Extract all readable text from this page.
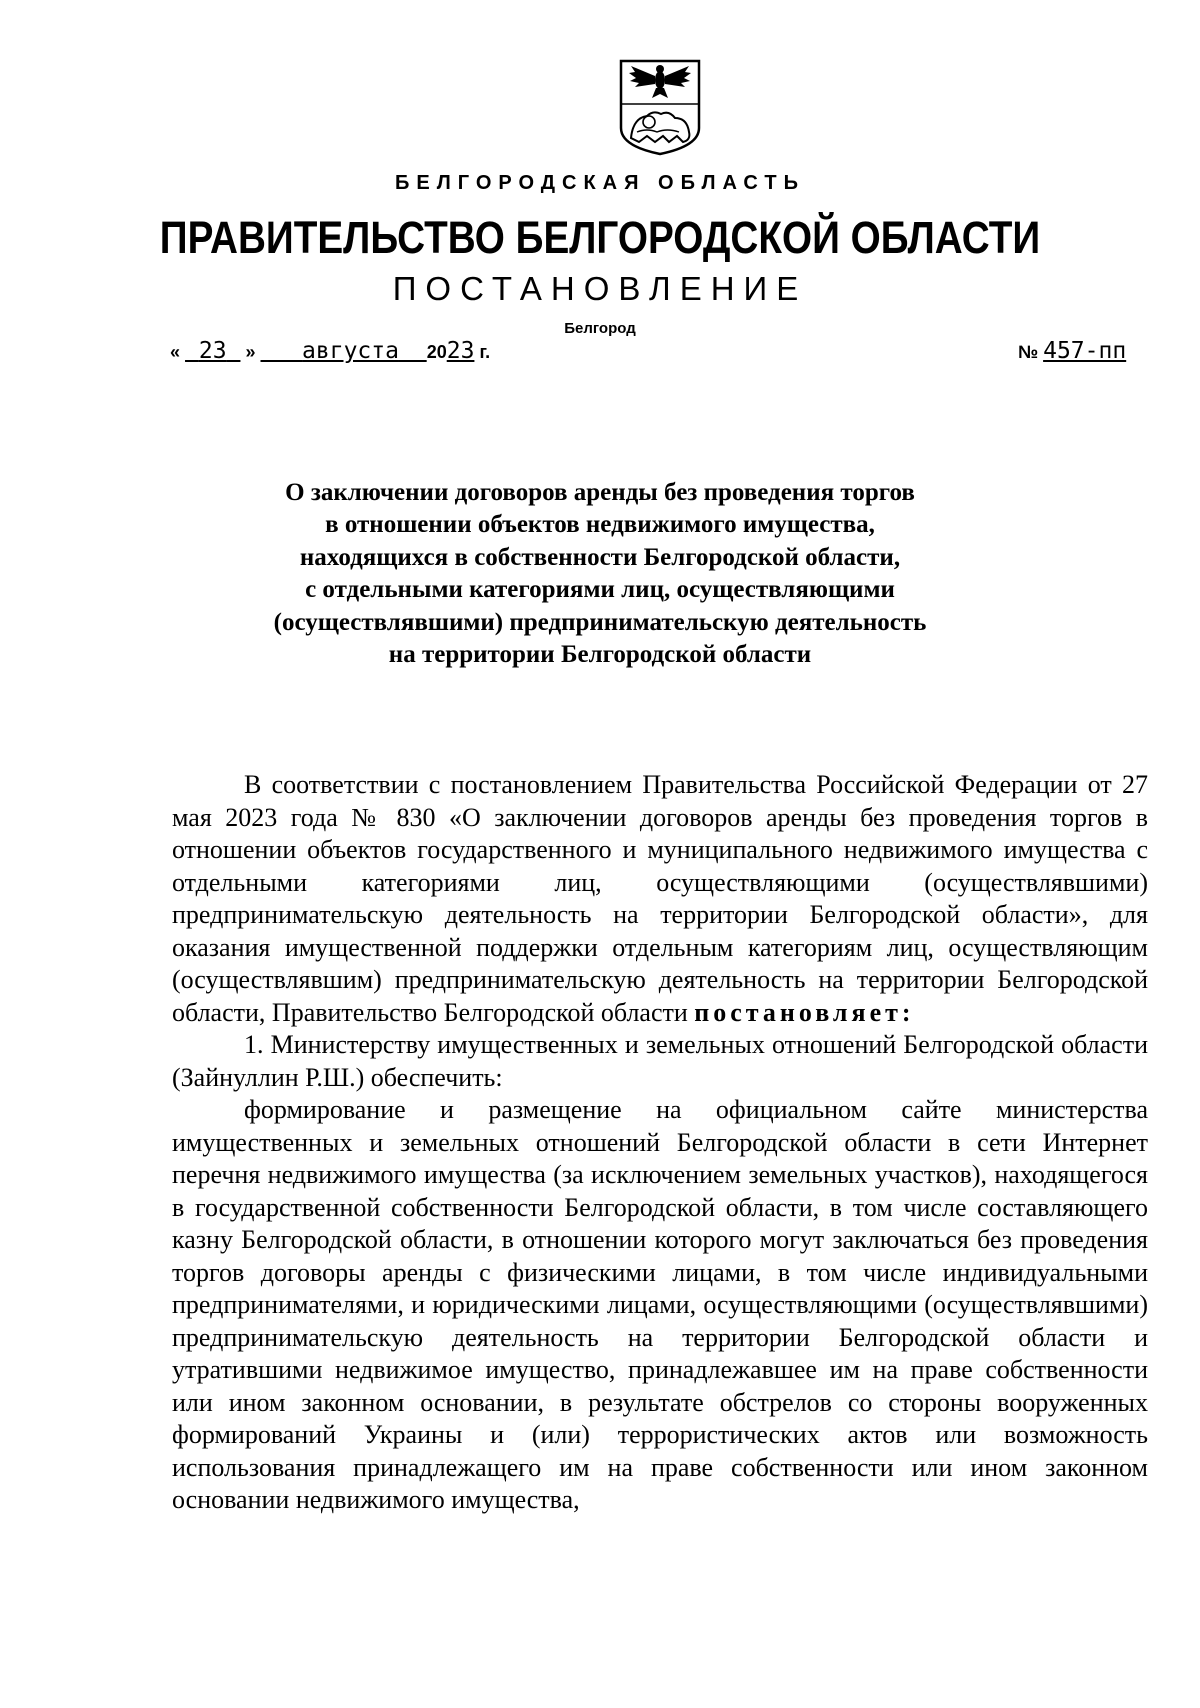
БЕЛГОРОДСКАЯ ОБЛАСТЬ
ПРАВИТЕЛЬСТВО БЕЛГОРОДСКОЙ ОБЛАСТИ
ПОСТАНОВЛЕНИЕ
Белгород
« 23 » августа 2023 г.	№ 457-пп
О заключении договоров аренды без проведения торгов
в отношении объектов недвижимого имущества,
находящихся в собственности Белгородской области,
с отдельными категориями лиц, осуществляющими
(осуществлявшими) предпринимательскую деятельность
на территории Белгородской области

В соответствии с постановлением Правительства Российской Федерации от 27 мая 2023 года № 830 «О заключении договоров аренды без проведения торгов в отношении объектов государственного и муниципального недвижимого имущества с отдельными категориями лиц, осуществляющими (осуществлявшими) предпринимательскую деятельность на территории Белгородской области», для оказания имущественной поддержки отдельным категориям лиц, осуществляющим (осуществлявшим) предпринимательскую деятельность на территории Белгородской области, Правительство Белгородской области постановляет:

1. Министерству имущественных и земельных отношений Белгородской области (Зайнуллин Р.Ш.) обеспечить:

формирование и размещение на официальном сайте министерства имущественных и земельных отношений Белгородской области в сети Интернет перечня недвижимого имущества (за исключением земельных участков), находящегося в государственной собственности Белгородской области, в том числе составляющего казну Белгородской области, в отношении которого могут заключаться без проведения торгов договоры аренды с физическими лицами, в том числе индивидуальными предпринимателями, и юридическими лицами, осуществляющими (осуществлявшими) предпринимательскую деятельность на территории Белгородской области и утратившими недвижимое имущество, принадлежавшее им на праве собственности или ином законном основании, в результате обстрелов со стороны вооруженных формирований Украины и (или) террористических актов или возможность использования принадлежащего им на праве собственности или ином законном основании недвижимого имущества,
